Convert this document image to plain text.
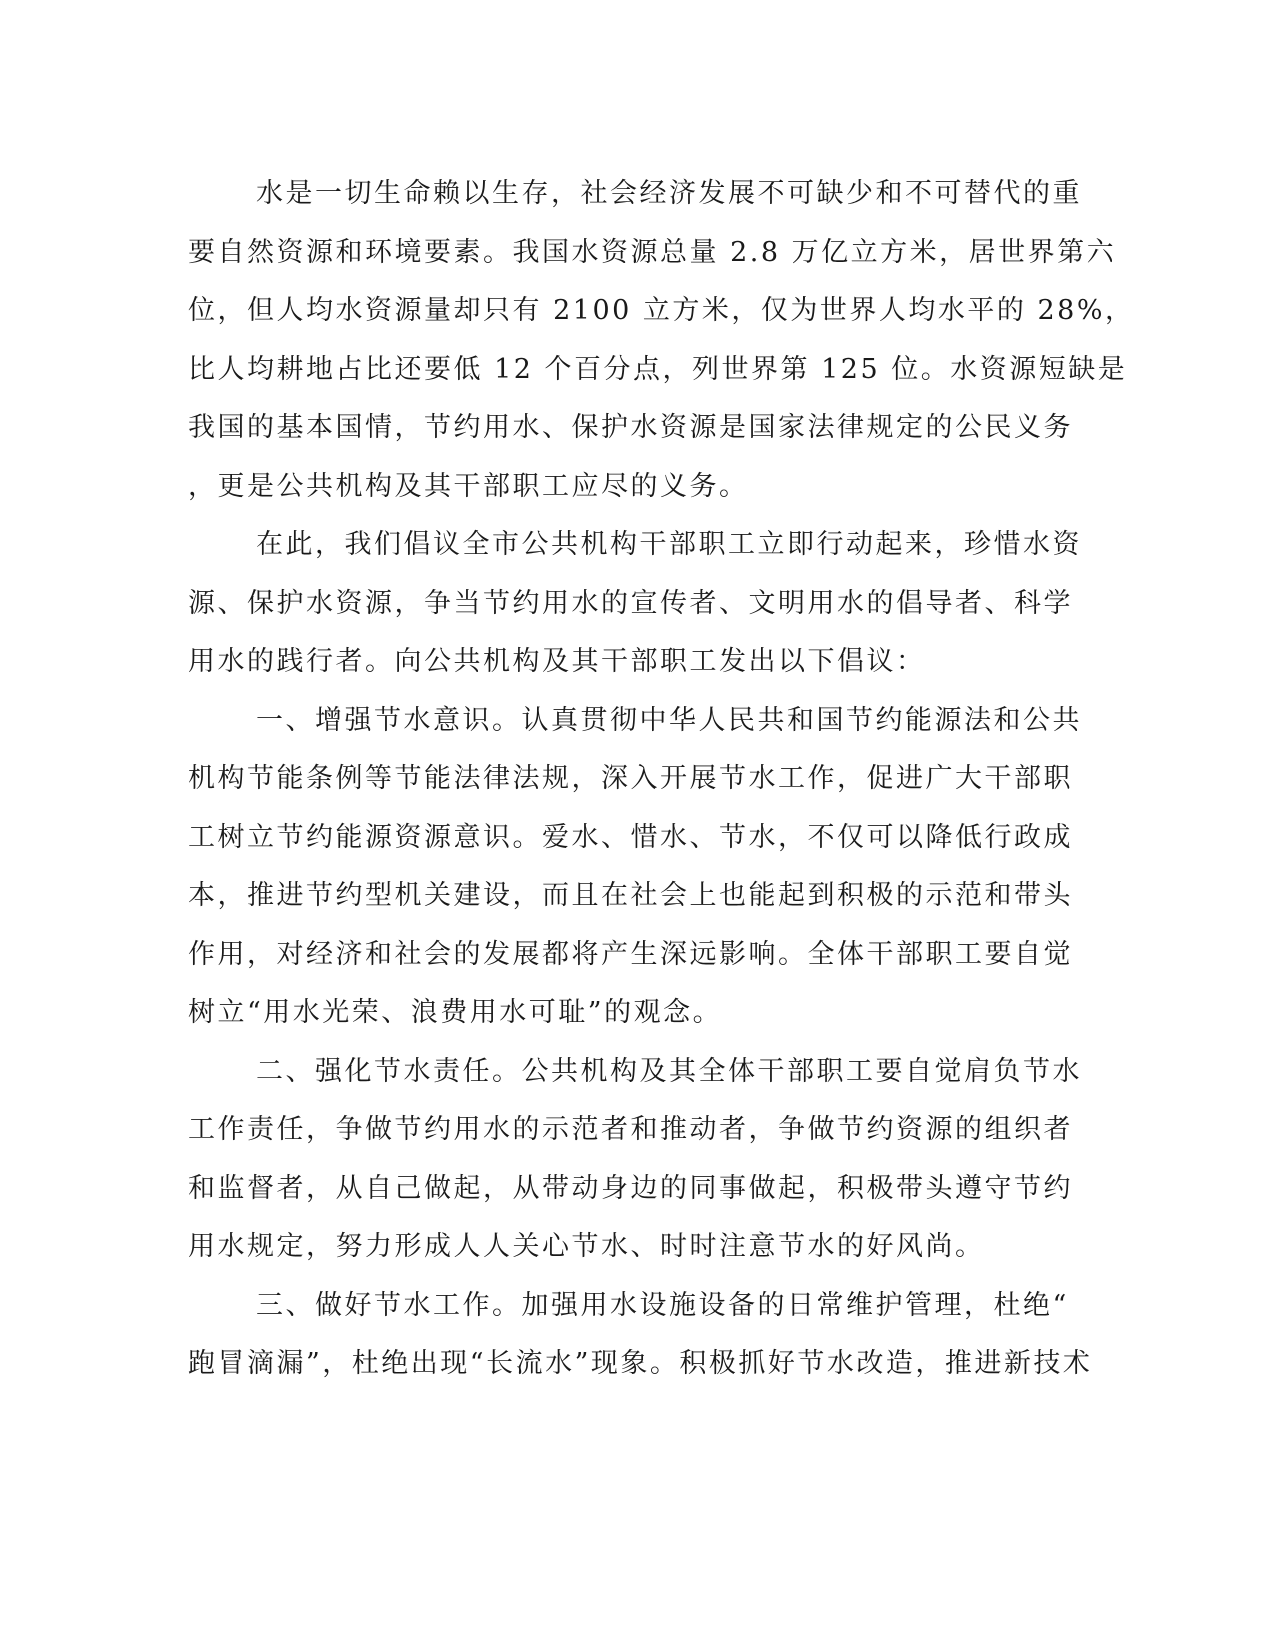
水是一切生命赖以生存，社会经济发展不可缺少和不可替代的重
要自然资源和环境要素。我国水资源总量 2.8 万亿立方米，居世界第六
位，但人均水资源量却只有 2100 立方米，仅为世界人均水平的 28%，
比人均耕地占比还要低 12 个百分点，列世界第 125 位。水资源短缺是
我国的基本国情，节约用水、保护水资源是国家法律规定的公民义务
，更是公共机构及其干部职工应尽的义务。
在此，我们倡议全市公共机构干部职工立即行动起来，珍惜水资
源、保护水资源，争当节约用水的宣传者、文明用水的倡导者、科学
用水的践行者。向公共机构及其干部职工发出以下倡议：
一、增强节水意识。认真贯彻中华人民共和国节约能源法和公共
机构节能条例等节能法律法规，深入开展节水工作，促进广大干部职
工树立节约能源资源意识。爱水、惜水、节水，不仅可以降低行政成
本，推进节约型机关建设，而且在社会上也能起到积极的示范和带头
作用，对经济和社会的发展都将产生深远影响。全体干部职工要自觉
树立“用水光荣、浪费用水可耻”的观念。
二、强化节水责任。公共机构及其全体干部职工要自觉肩负节水
工作责任，争做节约用水的示范者和推动者，争做节约资源的组织者
和监督者，从自己做起，从带动身边的同事做起，积极带头遵守节约
用水规定，努力形成人人关心节水、时时注意节水的好风尚。
三、做好节水工作。加强用水设施设备的日常维护管理，杜绝“
跑冒滴漏”，杜绝出现“长流水”现象。积极抓好节水改造，推进新技术
